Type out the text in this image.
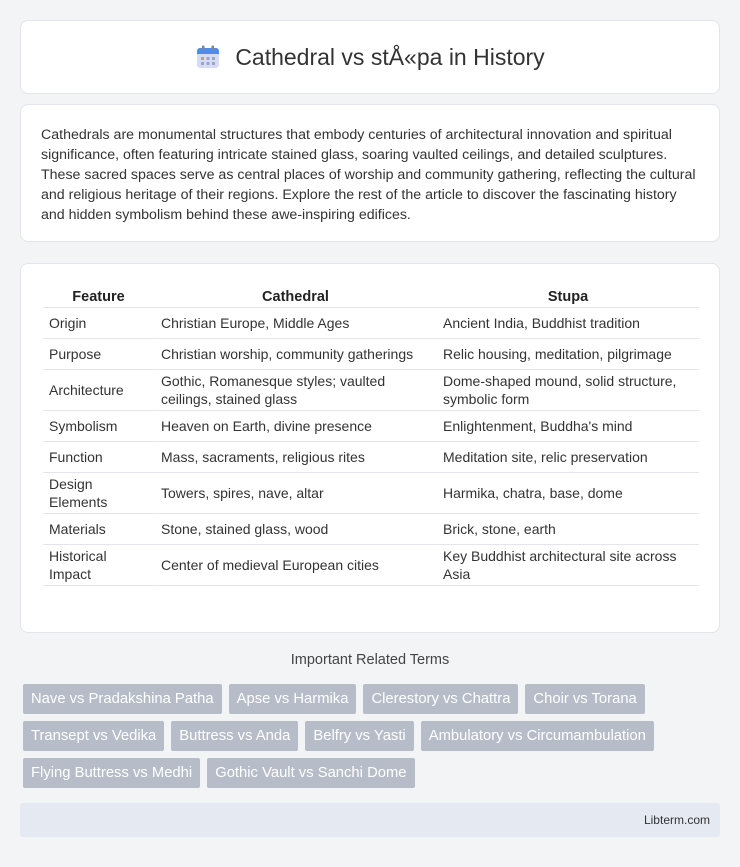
Cathedral vs stÅ«pa in History

Cathedrals are monumental structures that embody centuries of architectural innovation and spiritual significance, often featuring intricate stained glass, soaring vaulted ceilings, and detailed sculptures. These sacred spaces serve as central places of worship and community gathering, reflecting the cultural and religious heritage of their regions. Explore the rest of the article to discover the fascinating history and hidden symbolism behind these awe-inspiring edifices.

Feature	Cathedral	Stupa
Origin	Christian Europe, Middle Ages	Ancient India, Buddhist tradition
Purpose	Christian worship, community gatherings	Relic housing, meditation, pilgrimage
Architecture	Gothic, Romanesque styles; vaulted ceilings, stained glass	Dome-shaped mound, solid structure, symbolic form
Symbolism	Heaven on Earth, divine presence	Enlightenment, Buddha's mind
Function	Mass, sacraments, religious rites	Meditation site, relic preservation
Design Elements	Towers, spires, nave, altar	Harmika, chatra, base, dome
Materials	Stone, stained glass, wood	Brick, stone, earth
Historical Impact	Center of medieval European cities	Key Buddhist architectural site across Asia
Important Related Terms
Nave vs Pradakshina Patha	Apse vs Harmika	Clerestory vs Chattra	Choir vs Torana
Transept vs Vedika	Buttress vs Anda	Belfry vs Yasti	Ambulatory vs Circumambulation
Flying Buttress vs Medhi	Gothic Vault vs Sanchi Dome
Libterm.com
